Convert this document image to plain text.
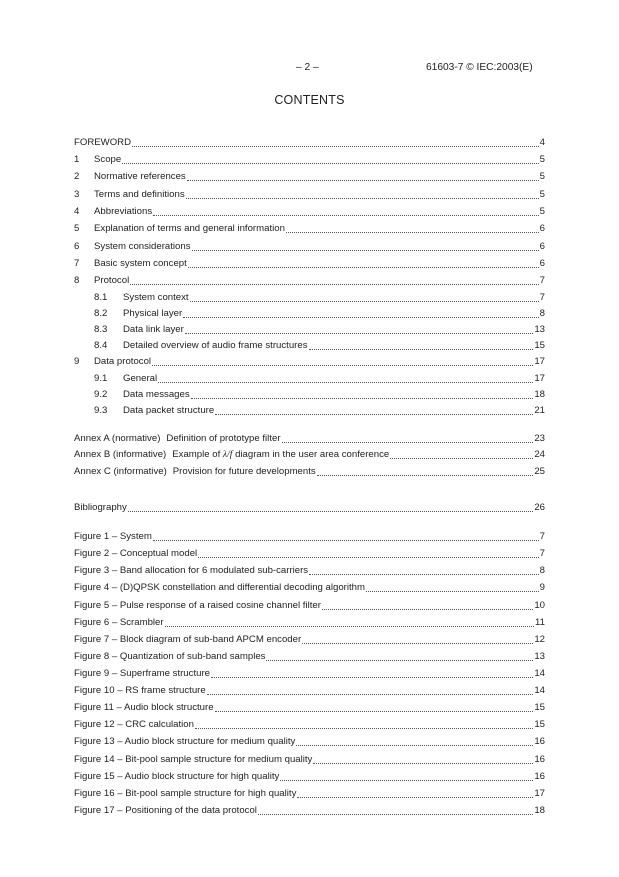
– 2 –	61603-7 © IEC:2003(E)
CONTENTS
FOREWORD	4
1	Scope	5
2	Normative references	5
3	Terms and definitions	5
4	Abbreviations	5
5	Explanation of terms and general information	6
6	System considerations	6
7	Basic system concept	6
8	Protocol	7
8.1	System context	7
8.2	Physical layer	8
8.3	Data link layer	13
8.4	Detailed overview of audio frame structures	15
9	Data protocol	17
9.1	General	17
9.2	Data messages	18
9.3	Data packet structure	21
Annex A (normative) Definition of prototype filter	23
Annex B (informative) Example of λ/f diagram in the user area conference	24
Annex C (informative) Provision for future developments	25
Bibliography	26
Figure 1 – System	7
Figure 2 – Conceptual model	7
Figure 3 – Band allocation for 6 modulated sub-carriers	8
Figure 4 – (D)QPSK constellation and differential decoding algorithm	9
Figure 5 – Pulse response of a raised cosine channel filter	10
Figure 6 – Scrambler	11
Figure 7 – Block diagram of sub-band APCM encoder	12
Figure 8 – Quantization of sub-band samples	13
Figure 9 – Superframe structure	14
Figure 10 – RS frame structure	14
Figure 11 – Audio block structure	15
Figure 12 – CRC calculation	15
Figure 13 – Audio block structure for medium quality	16
Figure 14 – Bit-pool sample structure for medium quality	16
Figure 15 – Audio block structure for high quality	16
Figure 16 – Bit-pool sample structure for high quality	17
Figure 17 – Positioning of the data protocol	18
